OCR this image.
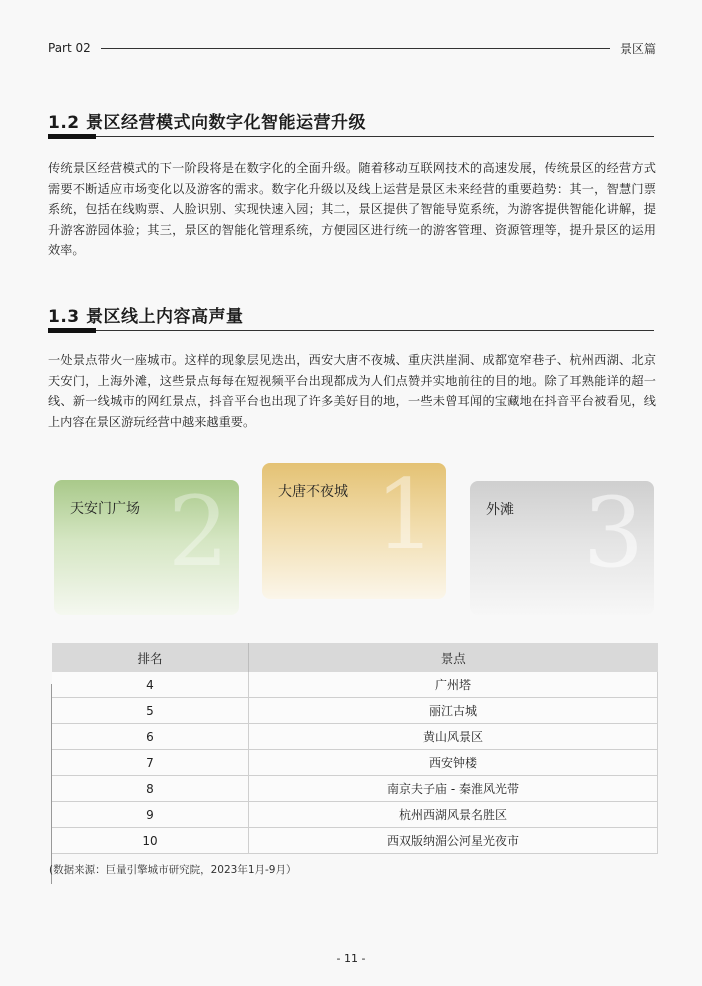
Part 02	景区篇
1.2 景区经营模式向数字化智能运营升级
传统景区经营模式的下一阶段将是在数字化的全面升级。随着移动互联网技术的高速发展，传统景区的经营方式需要不断适应市场变化以及游客的需求。数字化升级以及线上运营是景区未来经营的重要趋势：其一，智慧门票系统，包括在线购票、人脸识别、实现快速入园；其二，景区提供了智能导览系统，为游客提供智能化讲解，提升游客游园体验；其三，景区的智能化管理系统，方便园区进行统一的游客管理、资源管理等，提升景区的运用效率。
1.3 景区线上内容高声量
一处景点带火一座城市。这样的现象层见迭出，西安大唐不夜城、重庆洪崖洞、成都宽窄巷子、杭州西湖、北京天安门，上海外滩，这些景点每每在短视频平台出现都成为人们点赞并实地前往的目的地。除了耳熟能详的超一线、新一线城市的网红景点，抖音平台也出现了许多美好目的地，一些未曾耳闻的宝藏地在抖音平台被看见，线上内容在景区游玩经营中越来越重要。
2
天安门广场 1
大唐不夜城 3
外滩
排名	景点
4	广州塔
5	丽江古城
6	黄山风景区
7	西安钟楼
8	南京夫子庙 - 秦淮风光带
9	杭州西湖风景名胜区
10	西双版纳湄公河星光夜市
(数据来源：巨量引擎城市研究院，2023年1月-9月）
- 11 -
